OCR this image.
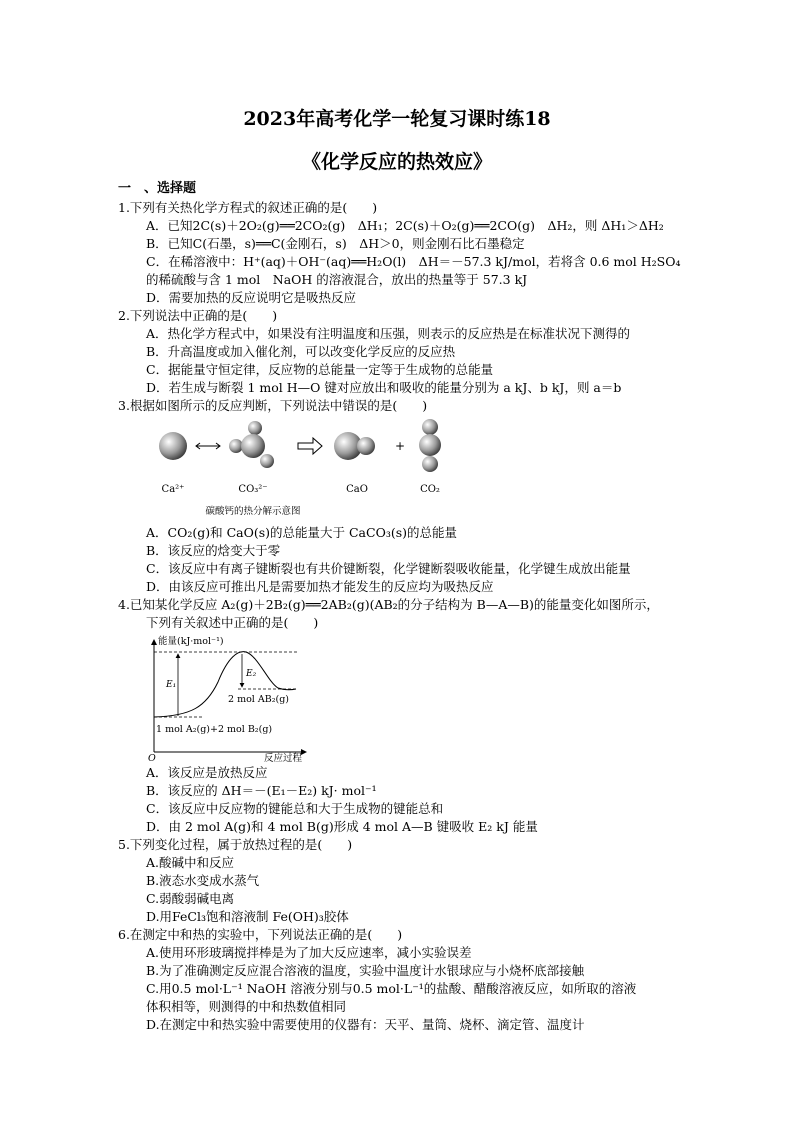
2023年高考化学一轮复习课时练18
《化学反应的热效应》
一　、选择题
1.下列有关热化学方程式的叙述正确的是(　　)
A．已知2C(s)＋2O₂(g)══2CO₂(g)　ΔH₁；2C(s)＋O₂(g)══2CO(g)　ΔH₂，则 ΔH₁＞ΔH₂
B．已知C(石墨，s)══C(金刚石，s)　ΔH＞0，则金刚石比石墨稳定
C．在稀溶液中：H⁺(aq)＋OH⁻(aq)══H₂O(l)　ΔH＝－57.3 kJ/mol，若将含 0.6 mol H₂SO₄
的稀硫酸与含 1 mol　NaOH 的溶液混合，放出的热量等于 57.3 kJ
D．需要加热的反应说明它是吸热反应
2.下列说法中正确的是(　　)
A．热化学方程式中，如果没有注明温度和压强，则表示的反应热是在标准状况下测得的
B．升高温度或加入催化剂，可以改变化学反应的反应热
C．据能量守恒定律，反应物的总能量一定等于生成物的总能量
D．若生成与断裂 1 mol H—O 键对应放出和吸收的能量分别为 a kJ、b kJ，则 a＝b
3.根据如图所示的反应判断，下列说法中错误的是(　　)
+
Ca²⁺	CO₃²⁻	CaO	CO₂
碳酸钙的热分解示意图
A．CO₂(g)和 CaO(s)的总能量大于 CaCO₃(s)的总能量
B．该反应的焓变大于零
C．该反应中有离子键断裂也有共价键断裂，化学键断裂吸收能量，化学键生成放出能量
D．由该反应可推出凡是需要加热才能发生的反应均为吸热反应
4.已知某化学反应 A₂(g)＋2B₂(g)══2AB₂(g)(AB₂的分子结构为 B—A—B)的能量变化如图所示，
下列有关叙述中正确的是(　　)
能量(kJ·mol⁻¹)
O	反应过程
E₁
E₂
2 mol AB₂(g)
1 mol A₂(g)+2 mol B₂(g)
A．该反应是放热反应
B．该反应的 ΔH＝－(E₁－E₂) kJ· mol⁻¹
C．该反应中反应物的键能总和大于生成物的键能总和
D．由 2 mol A(g)和 4 mol B(g)形成 4 mol A—B 键吸收 E₂ kJ 能量
5.下列变化过程，属于放热过程的是(　　)
A.酸碱中和反应
B.液态水变成水蒸气
C.弱酸弱碱电离
D.用FeCl₃饱和溶液制 Fe(OH)₃胶体
6.在测定中和热的实验中，下列说法正确的是(　　)
A.使用环形玻璃搅拌棒是为了加大反应速率，减小实验误差
B.为了准确测定反应混合溶液的温度，实验中温度计水银球应与小烧杯底部接触
C.用0.5 mol·L⁻¹ NaOH 溶液分别与0.5 mol·L⁻¹的盐酸、醋酸溶液反应，如所取的溶液
体积相等，则测得的中和热数值相同
D.在测定中和热实验中需要使用的仪器有：天平、量筒、烧杯、滴定管、温度计
